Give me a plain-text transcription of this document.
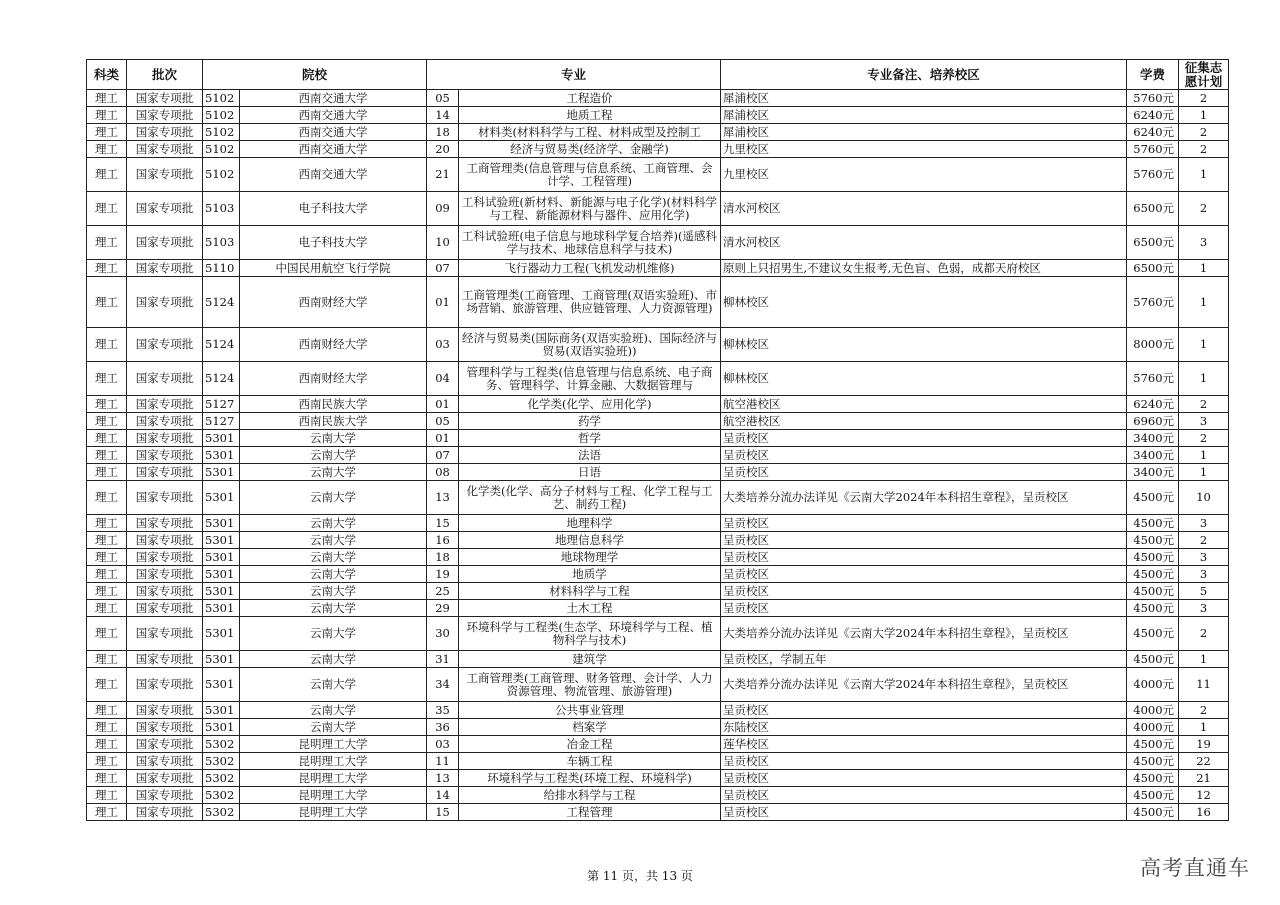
科类	批次	院校		专业		专业备注、培养校区	学费	征集志愿计划
理工	国家专项批	5102	西南交通大学	05	工程造价	犀浦校区	5760元	2
理工	国家专项批	5102	西南交通大学	14	地质工程	犀浦校区	6240元	1
理工	国家专项批	5102	西南交通大学	18	材料类(材料科学与工程、材料成型及控制工	犀浦校区	6240元	2
理工	国家专项批	5102	西南交通大学	20	经济与贸易类(经济学、金融学)	九里校区	5760元	2
理工	国家专项批	5102	西南交通大学	21	工商管理类(信息管理与信息系统、工商管理、会计学、工程管理)	九里校区	5760元	1
理工	国家专项批	5103	电子科技大学	09	工科试验班(新材料、新能源与电子化学)(材料科学与工程、新能源材料与器件、应用化学)	清水河校区	6500元	2
理工	国家专项批	5103	电子科技大学	10	工科试验班(电子信息与地球科学复合培养)(遥感科学与技术、地球信息科学与技术)	清水河校区	6500元	3
理工	国家专项批	5110	中国民用航空飞行学院	07	飞行器动力工程(飞机发动机维修)	原则上只招男生,不建议女生报考,无色盲、色弱，成都天府校区	6500元	1
理工	国家专项批	5124	西南财经大学	01	工商管理类(工商管理、工商管理(双语实验班)、市场营销、旅游管理、供应链管理、人力资源管理)	柳林校区	5760元	1
理工	国家专项批	5124	西南财经大学	03	经济与贸易类(国际商务(双语实验班)、国际经济与贸易(双语实验班))	柳林校区	8000元	1
理工	国家专项批	5124	西南财经大学	04	管理科学与工程类(信息管理与信息系统、电子商务、管理科学、计算金融、大数据管理与	柳林校区	5760元	1
理工	国家专项批	5127	西南民族大学	01	化学类(化学、应用化学)	航空港校区	6240元	2
理工	国家专项批	5127	西南民族大学	05	药学	航空港校区	6960元	3
理工	国家专项批	5301	云南大学	01	哲学	呈贡校区	3400元	2
理工	国家专项批	5301	云南大学	07	法语	呈贡校区	3400元	1
理工	国家专项批	5301	云南大学	08	日语	呈贡校区	3400元	1
理工	国家专项批	5301	云南大学	13	化学类(化学、高分子材料与工程、化学工程与工艺、制药工程)	大类培养分流办法详见《云南大学2024年本科招生章程》，呈贡校区	4500元	10
理工	国家专项批	5301	云南大学	15	地理科学	呈贡校区	4500元	3
理工	国家专项批	5301	云南大学	16	地理信息科学	呈贡校区	4500元	2
理工	国家专项批	5301	云南大学	18	地球物理学	呈贡校区	4500元	3
理工	国家专项批	5301	云南大学	19	地质学	呈贡校区	4500元	3
理工	国家专项批	5301	云南大学	25	材料科学与工程	呈贡校区	4500元	5
理工	国家专项批	5301	云南大学	29	土木工程	呈贡校区	4500元	3
理工	国家专项批	5301	云南大学	30	环境科学与工程类(生态学、环境科学与工程、植物科学与技术)	大类培养分流办法详见《云南大学2024年本科招生章程》，呈贡校区	4500元	2
理工	国家专项批	5301	云南大学	31	建筑学	呈贡校区，学制五年	4500元	1
理工	国家专项批	5301	云南大学	34	工商管理类(工商管理、财务管理、会计学、人力资源管理、物流管理、旅游管理)	大类培养分流办法详见《云南大学2024年本科招生章程》，呈贡校区	4000元	11
理工	国家专项批	5301	云南大学	35	公共事业管理	呈贡校区	4000元	2
理工	国家专项批	5301	云南大学	36	档案学	东陆校区	4000元	1
理工	国家专项批	5302	昆明理工大学	03	冶金工程	莲华校区	4500元	19
理工	国家专项批	5302	昆明理工大学	11	车辆工程	呈贡校区	4500元	22
理工	国家专项批	5302	昆明理工大学	13	环境科学与工程类(环境工程、环境科学)	呈贡校区	4500元	21
理工	国家专项批	5302	昆明理工大学	14	给排水科学与工程	呈贡校区	4500元	12
理工	国家专项批	5302	昆明理工大学	15	工程管理	呈贡校区	4500元	16
第 11 页，共 13 页	高考直通车
